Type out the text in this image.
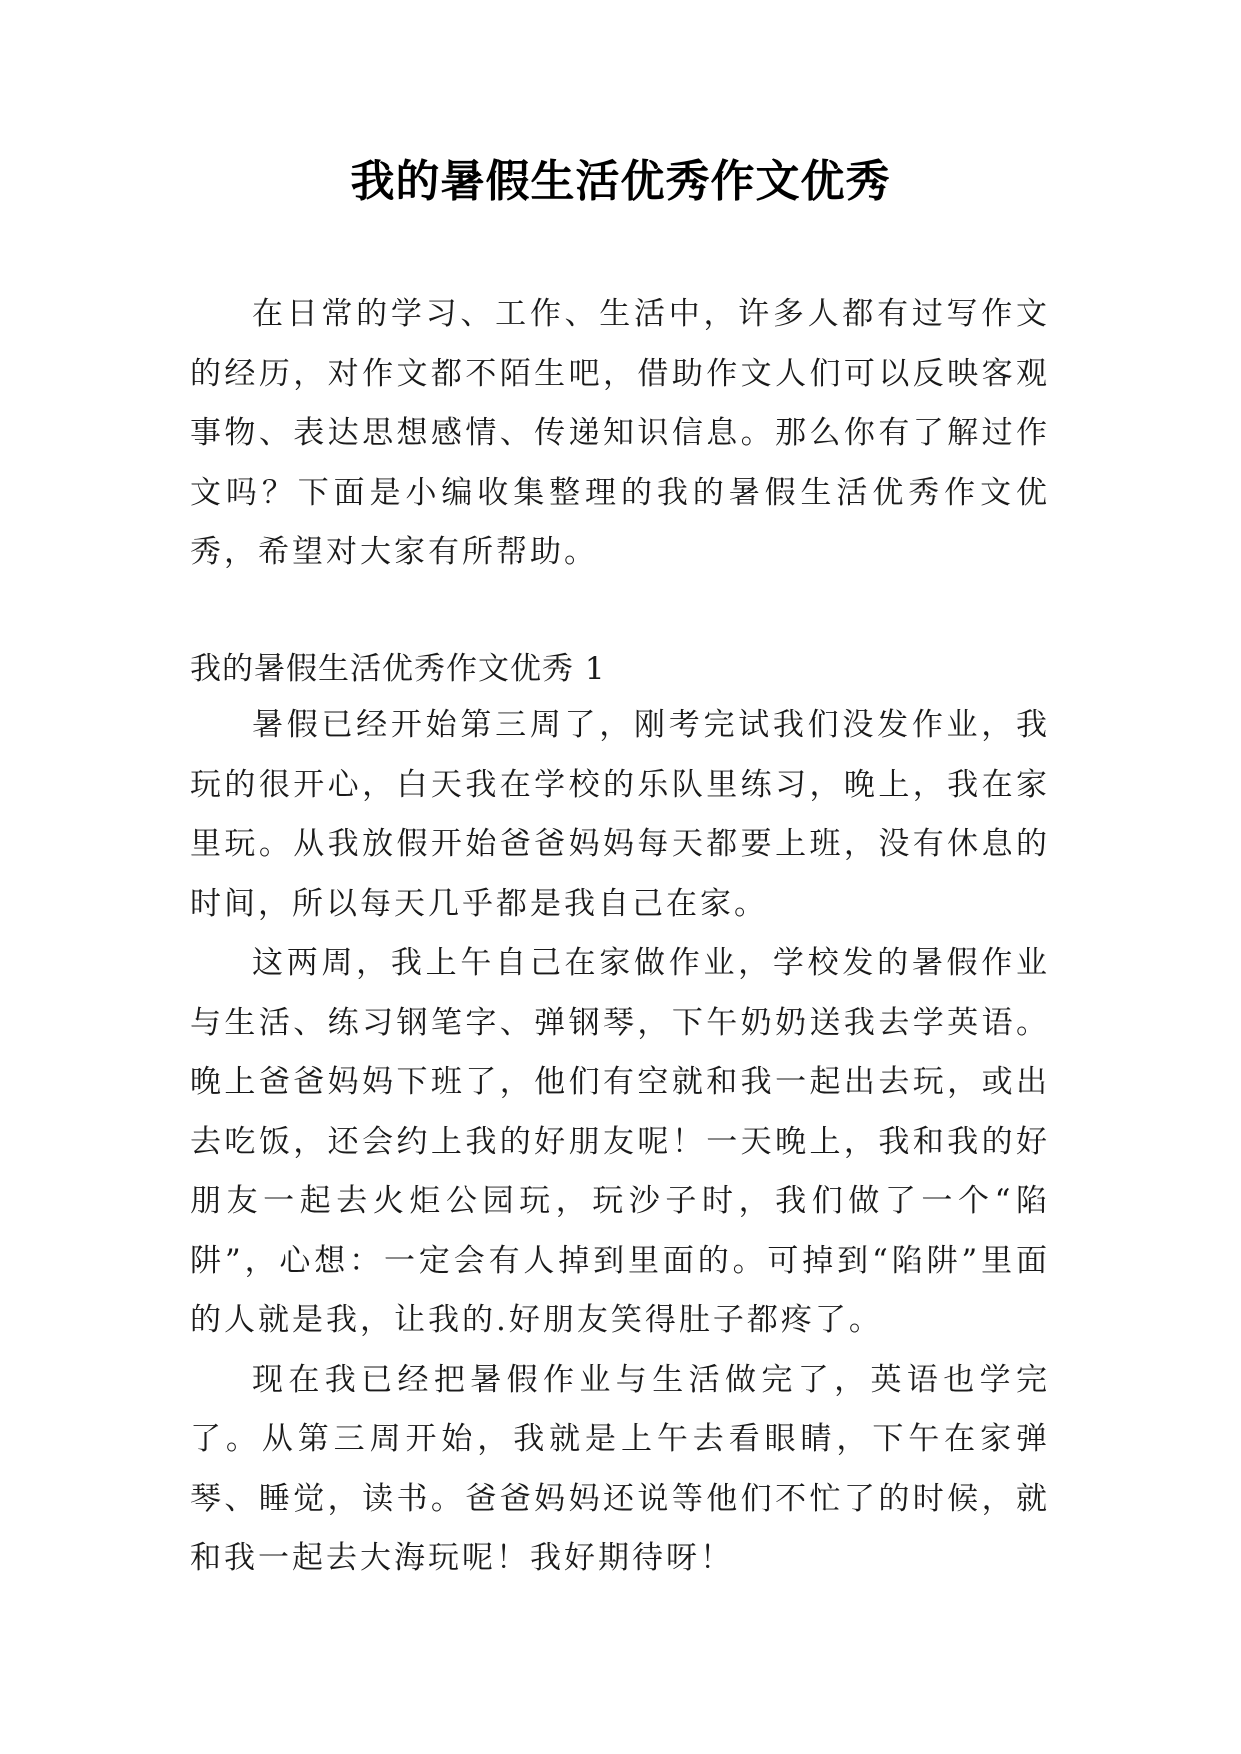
我的暑假生活优秀作文优秀

在日常的学习、工作、生活中，许多人都有过写作文的经历，对作文都不陌生吧，借助作文人们可以反映客观事物、表达思想感情、传递知识信息。那么你有了解过作文吗？下面是小编收集整理的我的暑假生活优秀作文优秀，希望对大家有所帮助。

我的暑假生活优秀作文优秀 1

暑假已经开始第三周了，刚考完试我们没发作业，我玩的很开心，白天我在学校的乐队里练习，晚上，我在家里玩。从我放假开始爸爸妈妈每天都要上班，没有休息的时间，所以每天几乎都是我自己在家。

这两周，我上午自己在家做作业，学校发的暑假作业与生活、练习钢笔字、弹钢琴，下午奶奶送我去学英语。晚上爸爸妈妈下班了，他们有空就和我一起出去玩，或出去吃饭，还会约上我的好朋友呢！一天晚上，我和我的好朋友一起去火炬公园玩，玩沙子时，我们做了一个“陷阱”，心想：一定会有人掉到里面的。可掉到“陷阱”里面的人就是我，让我的.好朋友笑得肚子都疼了。

现在我已经把暑假作业与生活做完了，英语也学完了。从第三周开始，我就是上午去看眼睛，下午在家弹琴、睡觉，读书。爸爸妈妈还说等他们不忙了的时候，就和我一起去大海玩呢！我好期待呀！
